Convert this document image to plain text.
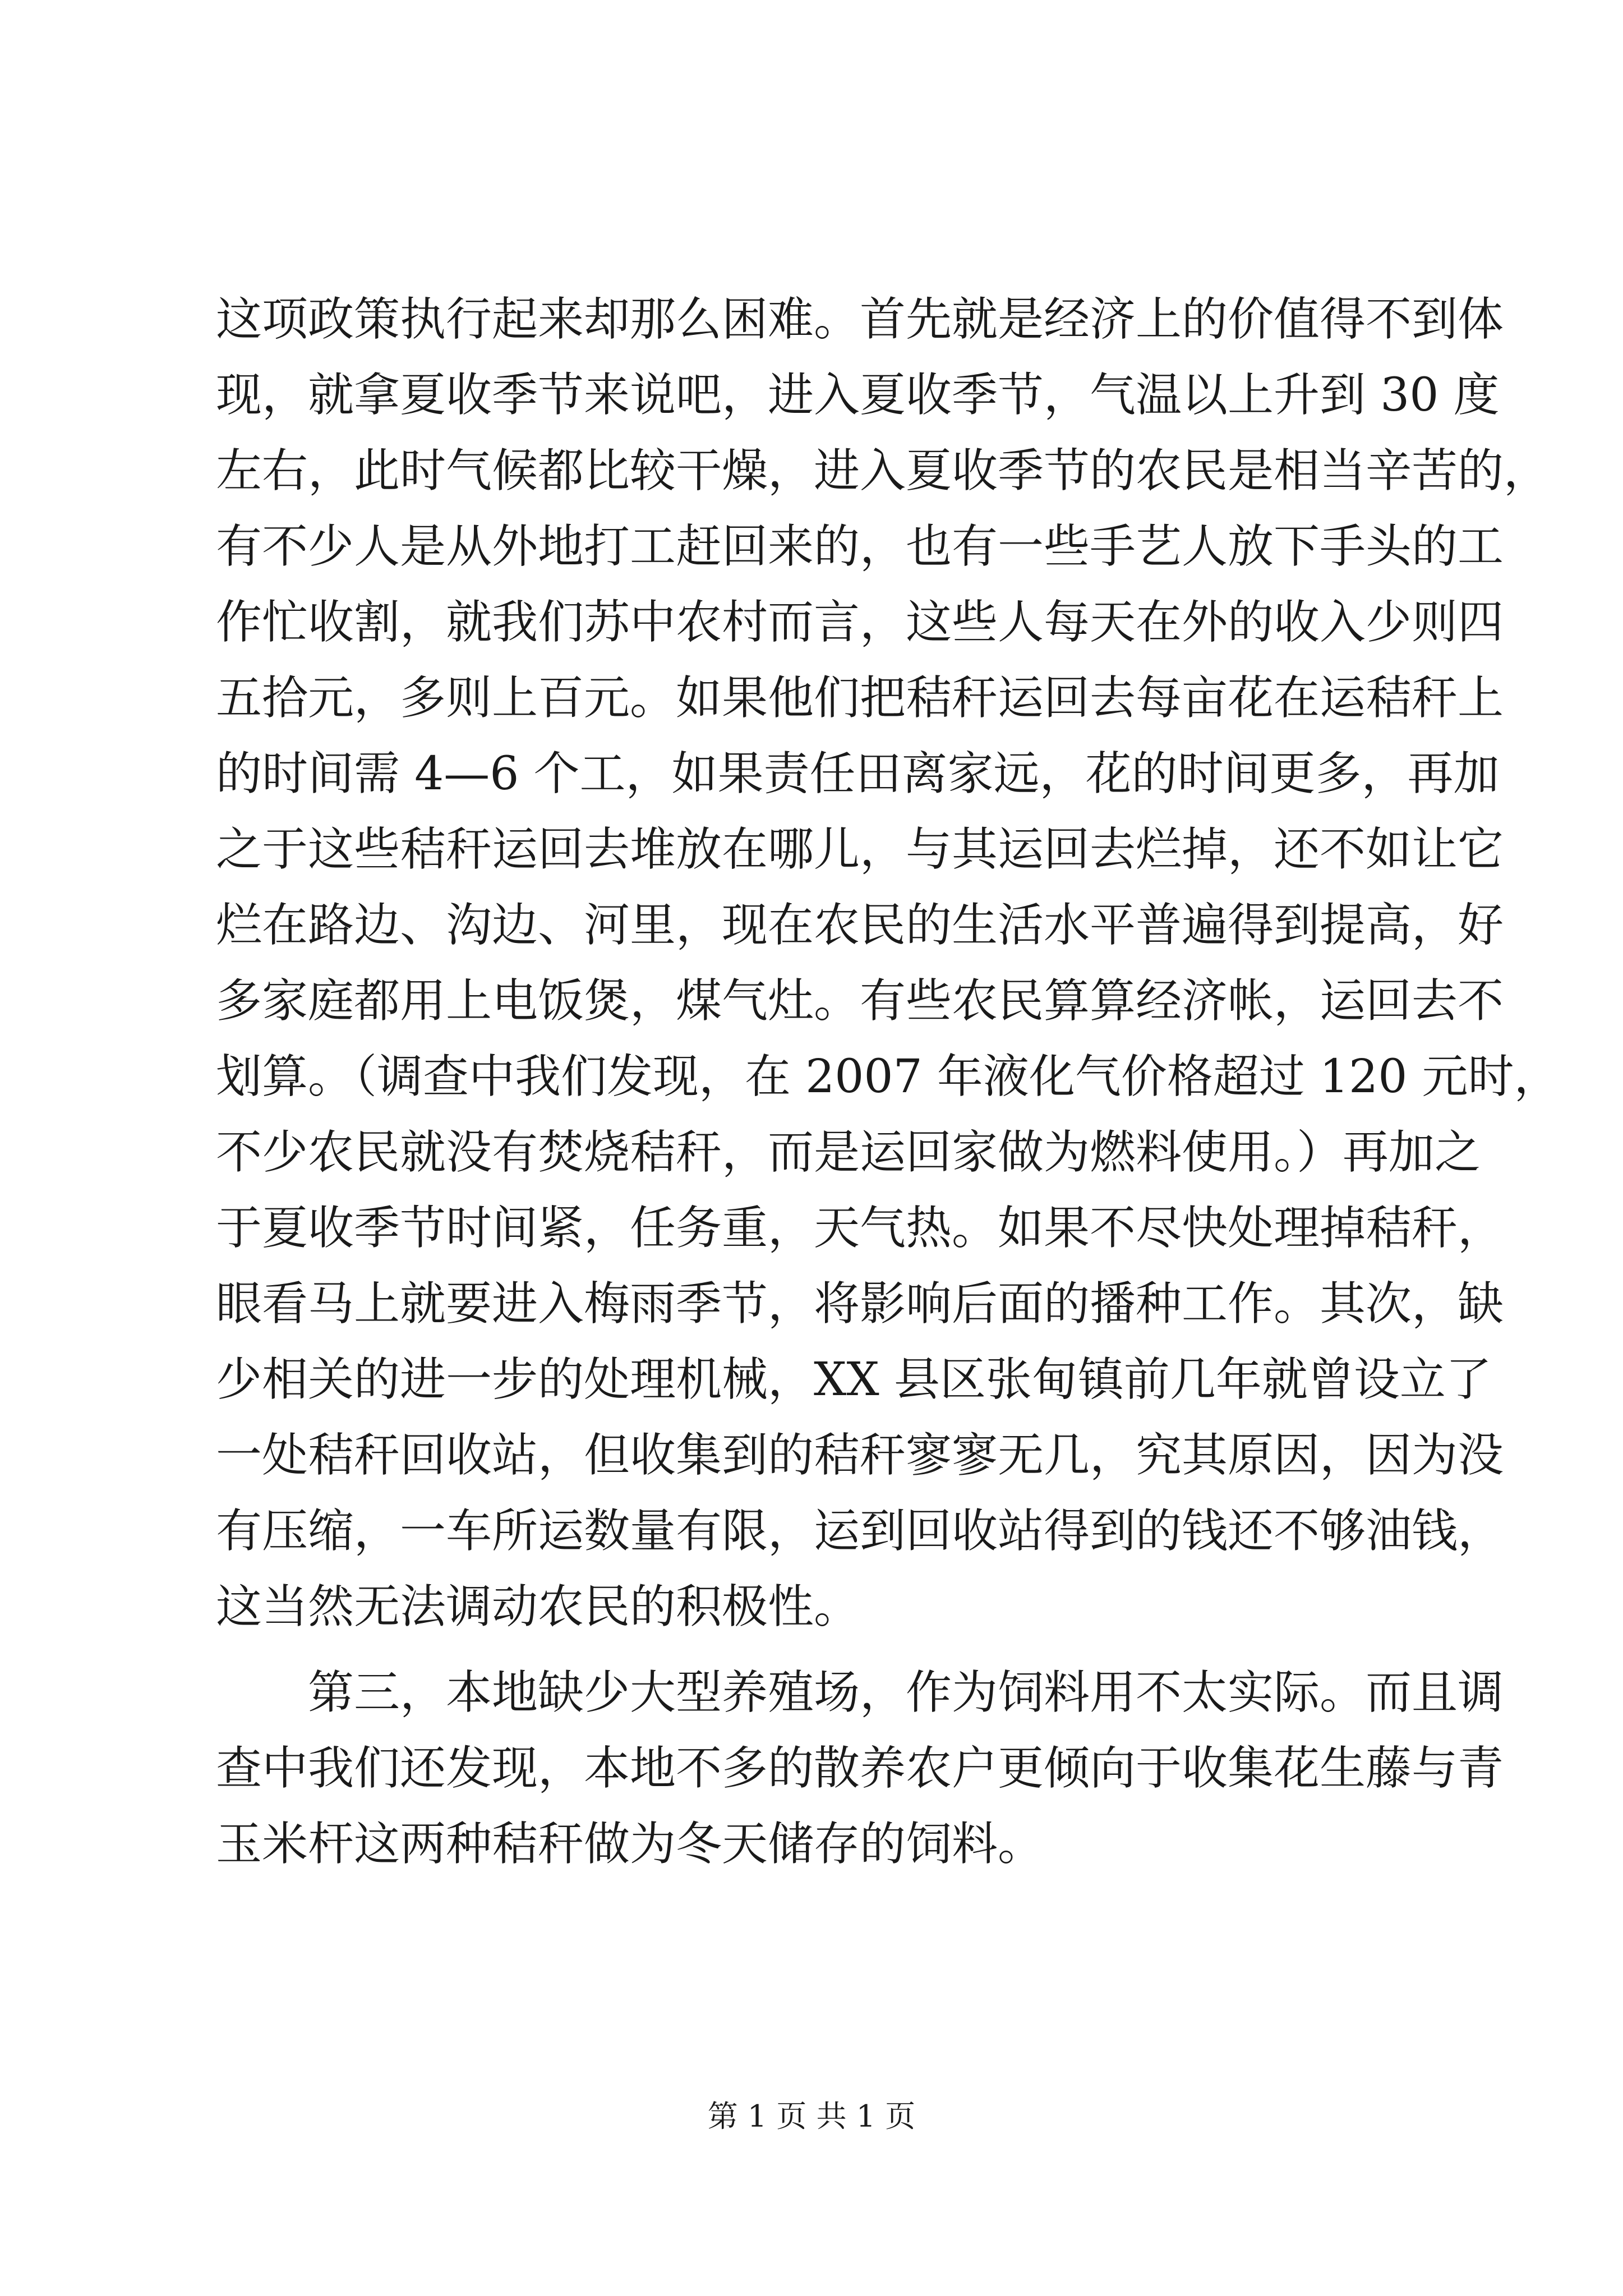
这项政策执行起来却那么困难。首先就是经济上的价值得不到体
现，就拿夏收季节来说吧，进入夏收季节，气温以上升到 30 度
左右，此时气候都比较干燥，进入夏收季节的农民是相当辛苦的，
有不少人是从外地打工赶回来的，也有一些手艺人放下手头的工
作忙收割，就我们苏中农村而言，这些人每天在外的收入少则四
五拾元，多则上百元。如果他们把秸秆运回去每亩花在运秸秆上
的时间需 4—6 个工，如果责任田离家远，花的时间更多，再加
之于这些秸秆运回去堆放在哪儿，与其运回去烂掉，还不如让它
烂在路边、沟边、河里，现在农民的生活水平普遍得到提高，好
多家庭都用上电饭煲，煤气灶。有些农民算算经济帐，运回去不
划算。（调查中我们发现，在 2007 年液化气价格超过 120 元时，
不少农民就没有焚烧秸秆，而是运回家做为燃料使用。）再加之
于夏收季节时间紧，任务重，天气热。如果不尽快处理掉秸秆，
眼看马上就要进入梅雨季节，将影响后面的播种工作。其次，缺
少相关的进一步的处理机械，XX 县区张甸镇前几年就曾设立了
一处秸秆回收站，但收集到的秸秆寥寥无几，究其原因，因为没
有压缩，一车所运数量有限，运到回收站得到的钱还不够油钱，
这当然无法调动农民的积极性。
第三，本地缺少大型养殖场，作为饲料用不太实际。而且调
查中我们还发现，本地不多的散养农户更倾向于收集花生藤与青
玉米杆这两种秸秆做为冬天储存的饲料。
第 1 页 共 1 页
